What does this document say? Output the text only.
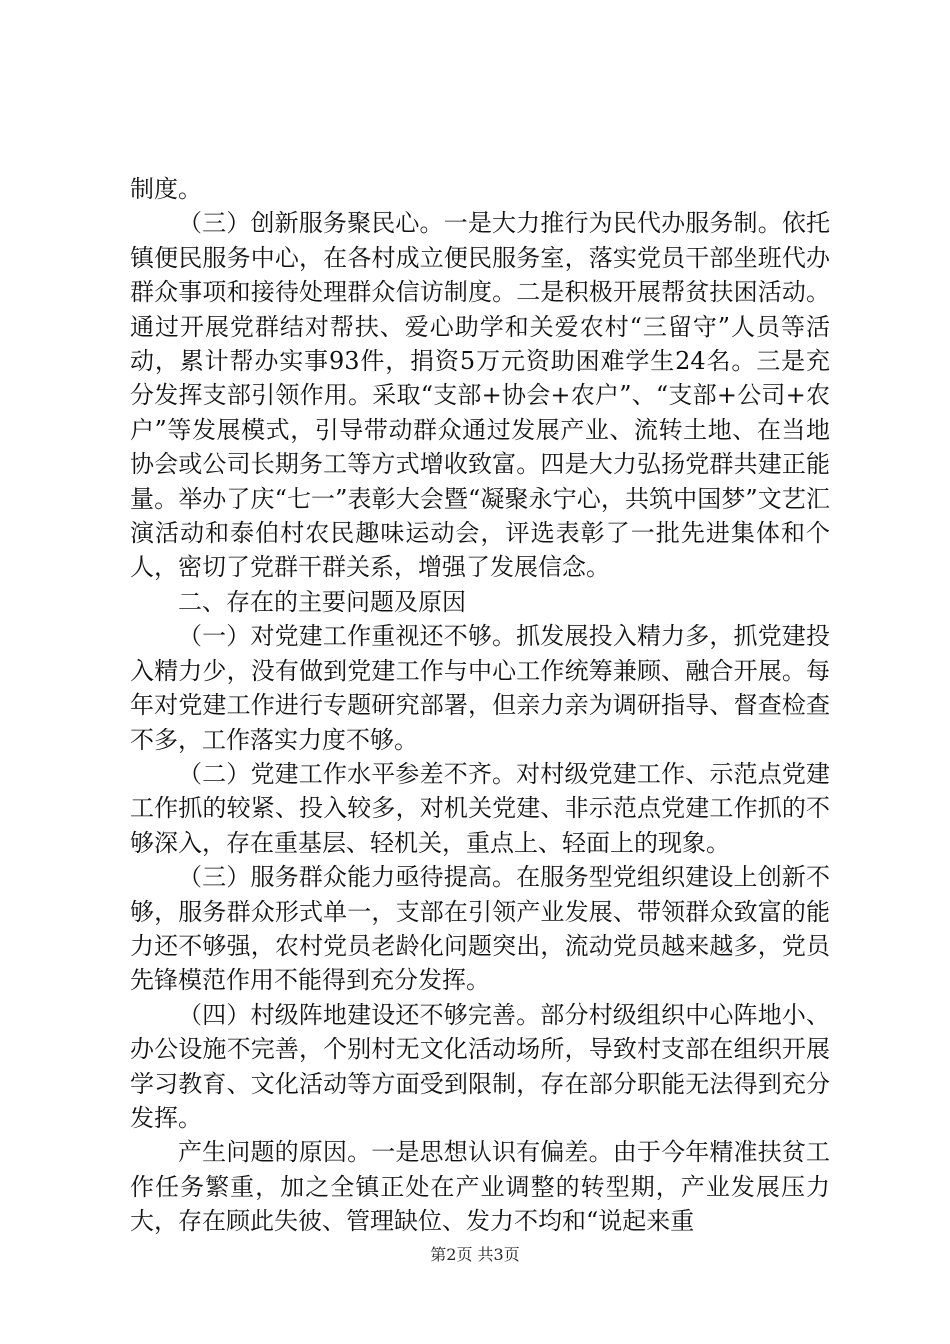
制度。

（三）创新服务聚民心。一是大力推行为民代办服务制。依托镇便民服务中心，在各村成立便民服务室，落实党员干部坐班代办群众事项和接待处理群众信访制度。二是积极开展帮贫扶困活动。通过开展党群结对帮扶、爱心助学和关爱农村“三留守”人员等活动，累计帮办实事93件，捐资5万元资助困难学生24名。三是充分发挥支部引领作用。采取“支部+协会+农户”、“支部+公司+农户”等发展模式，引导带动群众通过发展产业、流转土地、在当地协会或公司长期务工等方式增收致富。四是大力弘扬党群共建正能量。举办了庆“七一”表彰大会暨“凝聚永宁心，共筑中国梦”文艺汇演活动和泰伯村农民趣味运动会，评选表彰了一批先进集体和个人，密切了党群干群关系，增强了发展信念。

二、存在的主要问题及原因

（一）对党建工作重视还不够。抓发展投入精力多，抓党建投入精力少，没有做到党建工作与中心工作统筹兼顾、融合开展。每年对党建工作进行专题研究部署，但亲力亲为调研指导、督查检查不多，工作落实力度不够。

（二）党建工作水平参差不齐。对村级党建工作、示范点党建工作抓的较紧、投入较多，对机关党建、非示范点党建工作抓的不够深入，存在重基层、轻机关，重点上、轻面上的现象。

（三）服务群众能力亟待提高。在服务型党组织建设上创新不够，服务群众形式单一，支部在引领产业发展、带领群众致富的能力还不够强，农村党员老龄化问题突出，流动党员越来越多，党员先锋模范作用不能得到充分发挥。

（四）村级阵地建设还不够完善。部分村级组织中心阵地小、办公设施不完善，个别村无文化活动场所，导致村支部在组织开展学习教育、文化活动等方面受到限制，存在部分职能无法得到充分发挥。

产生问题的原因。一是思想认识有偏差。由于今年精准扶贫工作任务繁重，加之全镇正处在产业调整的转型期，产业发展压力大，存在顾此失彼、管理缺位、发力不均和“说起来重

第2页 共3页
